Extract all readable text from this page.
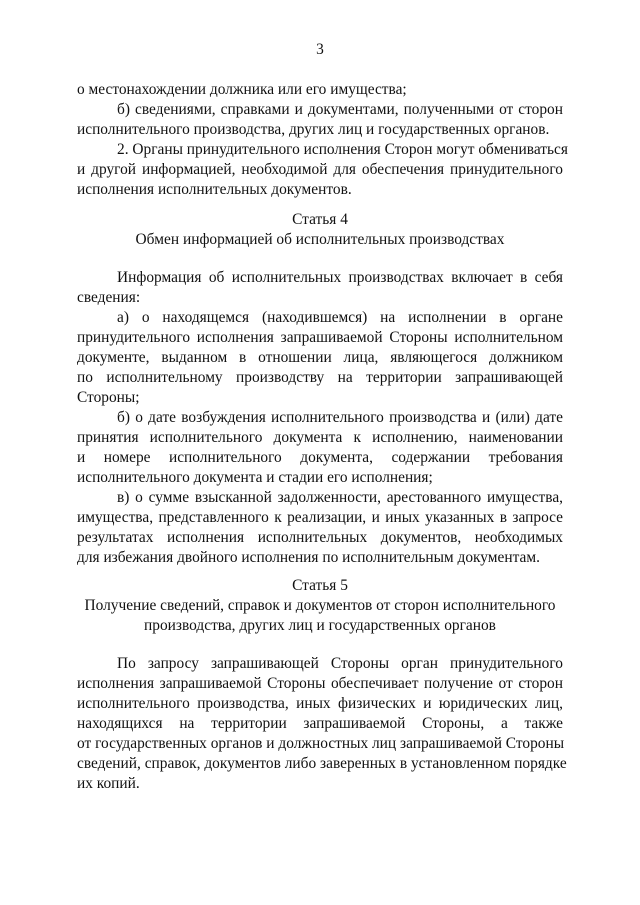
3
о местонахождении должника или его имущества;
б) сведениями, справками и документами, полученными от сторон
исполнительного производства, других лиц и государственных органов.
2. Органы принудительного исполнения Сторон могут обмениваться
и другой информацией, необходимой для обеспечения принудительного
исполнения исполнительных документов.
Статья 4
Обмен информацией об исполнительных производствах
Информация об исполнительных производствах включает в себя
сведения:
а) о находящемся (находившемся) на исполнении в органе
принудительного исполнения запрашиваемой Стороны исполнительном
документе, выданном в отношении лица, являющегося должником
по исполнительному производству на территории запрашивающей
Стороны;
б) о дате возбуждения исполнительного производства и (или) дате
принятия исполнительного документа к исполнению, наименовании
и номере исполнительного документа, содержании требования
исполнительного документа и стадии его исполнения;
в) о сумме взысканной задолженности, арестованного имущества,
имущества, представленного к реализации, и иных указанных в запросе
результатах исполнения исполнительных документов, необходимых
для избежания двойного исполнения по исполнительным документам.
Статья 5
Получение сведений, справок и документов от сторон исполнительного
производства, других лиц и государственных органов
По запросу запрашивающей Стороны орган принудительного
исполнения запрашиваемой Стороны обеспечивает получение от сторон
исполнительного производства, иных физических и юридических лиц,
находящихся на территории запрашиваемой Стороны, а также
от государственных органов и должностных лиц запрашиваемой Стороны
сведений, справок, документов либо заверенных в установленном порядке
их копий.
